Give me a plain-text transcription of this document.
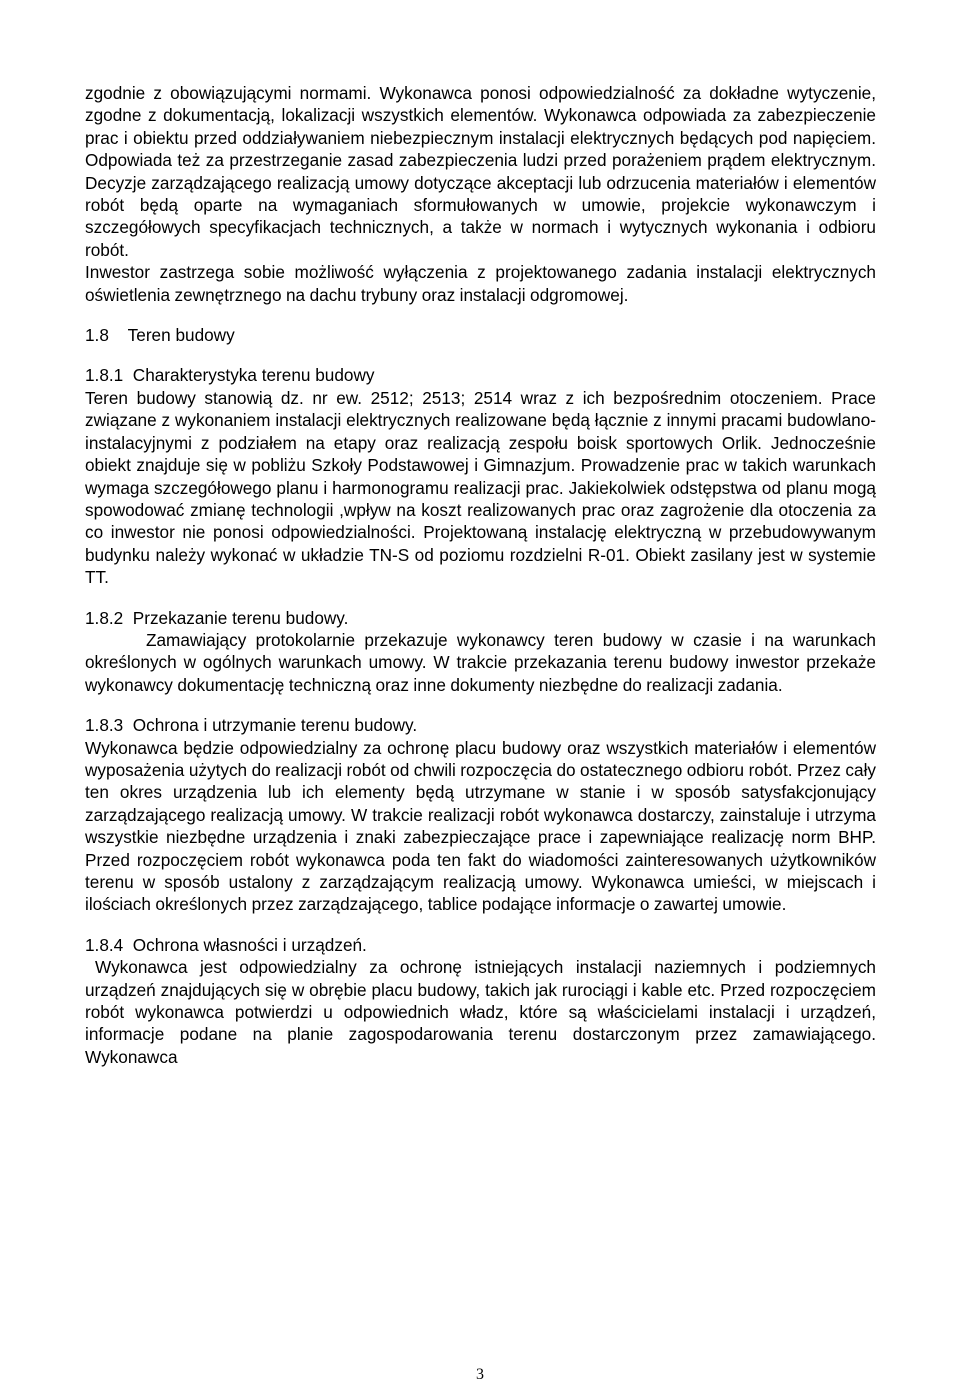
zgodnie z obowiązującymi normami. Wykonawca ponosi odpowiedzialność za dokładne wytyczenie, zgodne z dokumentacją, lokalizacji wszystkich elementów. Wykonawca odpowiada za zabezpieczenie prac i obiektu przed oddziaływaniem niebezpiecznym instalacji elektrycznych będących pod napięciem. Odpowiada też za przestrzeganie zasad zabezpieczenia ludzi przed porażeniem prądem elektrycznym. Decyzje zarządzającego realizacją umowy dotyczące akceptacji lub odrzucenia materiałów i elementów robót będą oparte na wymaganiach sformułowanych w umowie, projekcie wykonawczym i szczegółowych specyfikacjach technicznych, a także w normach i wytycznych wykonania i odbioru robót.

Inwestor zastrzega sobie możliwość wyłączenia z projektowanego zadania instalacji elektrycznych oświetlenia zewnętrznego na dachu trybuny oraz instalacji odgromowej.

1.8    Teren budowy

1.8.1  Charakterystyka terenu budowy

Teren budowy stanowią dz. nr ew. 2512; 2513; 2514 wraz z ich bezpośrednim otoczeniem. Prace związane z wykonaniem instalacji elektrycznych realizowane będą łącznie z innymi pracami budowlano-instalacyjnymi z podziałem na etapy oraz realizacją zespołu boisk sportowych Orlik. Jednocześnie obiekt znajduje się w pobliżu Szkoły Podstawowej i Gimnazjum. Prowadzenie prac w takich warunkach wymaga szczegółowego planu i harmonogramu realizacji prac. Jakiekolwiek odstępstwa od planu mogą spowodować zmianę technologii ,wpływ na koszt realizowanych prac oraz zagrożenie dla otoczenia za co inwestor nie ponosi odpowiedzialności. Projektowaną instalację elektryczną w przebudowywanym budynku należy wykonać w układzie TN-S od poziomu rozdzielni R-01. Obiekt zasilany jest w systemie TT.

1.8.2  Przekazanie terenu budowy.

Zamawiający protokolarnie przekazuje wykonawcy teren budowy w czasie i na warunkach określonych w ogólnych warunkach umowy. W trakcie przekazania terenu budowy inwestor przekaże wykonawcy dokumentację techniczną oraz inne dokumenty niezbędne do realizacji zadania.

1.8.3  Ochrona i utrzymanie terenu budowy.

Wykonawca będzie odpowiedzialny za ochronę placu budowy oraz wszystkich materiałów i elementów wyposażenia użytych do realizacji robót od chwili rozpoczęcia do ostatecznego odbioru robót. Przez cały ten okres urządzenia lub ich elementy będą utrzymane w stanie i w sposób satysfakcjonujący zarządzającego realizacją umowy. W trakcie realizacji robót wykonawca dostarczy, zainstaluje i utrzyma wszystkie niezbędne urządzenia i znaki zabezpieczające prace i zapewniające realizację norm BHP. Przed rozpoczęciem robót wykonawca poda ten fakt do wiadomości zainteresowanych użytkowników terenu w sposób ustalony z zarządzającym realizacją umowy. Wykonawca umieści, w miejscach i ilościach określonych przez zarządzającego, tablice podające informacje o zawartej umowie.

1.8.4  Ochrona własności i urządzeń.

Wykonawca jest odpowiedzialny za ochronę istniejących instalacji naziemnych i podziemnych urządzeń znajdujących się w obrębie placu budowy, takich jak rurociągi i kable etc. Przed rozpoczęciem robót wykonawca potwierdzi u odpowiednich władz, które są właścicielami instalacji i urządzeń, informacje podane na planie zagospodarowania terenu dostarczonym przez zamawiającego. Wykonawca

3
